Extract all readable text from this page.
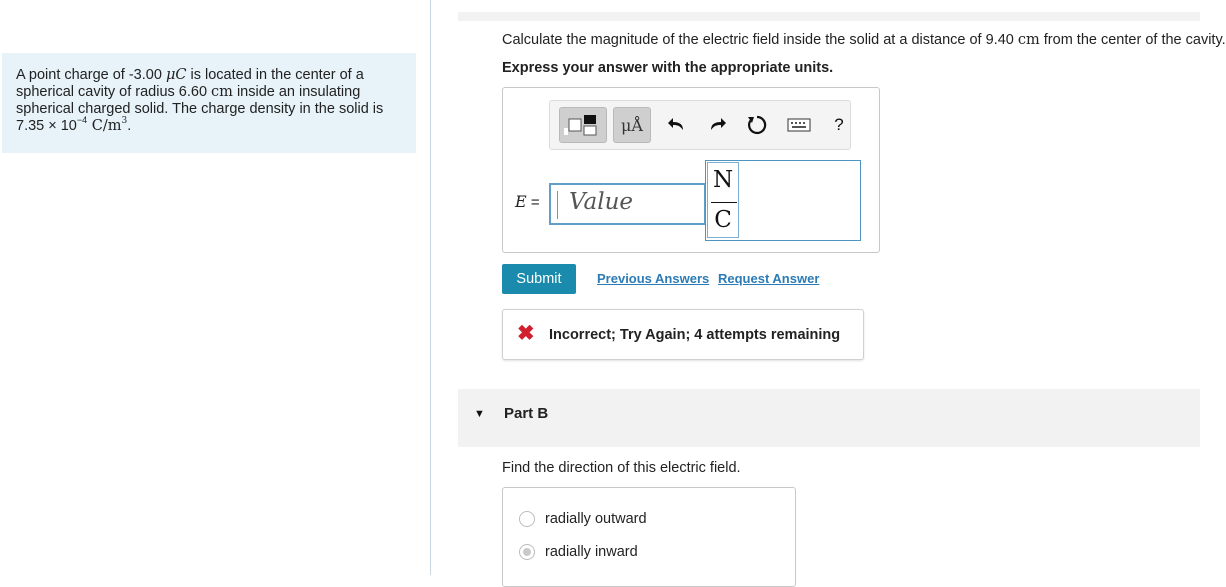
A point charge of -3.00 μC is located in the center of a
spherical cavity of radius 6.60 cm inside an insulating
spherical charged solid. The charge density in the solid is
$7.35 \times 10^{-4}$ $C/m^3$.
Calculate the magnitude of the electric field inside the solid at a distance of 9.40 cm from the center of the cavity.
Express your answer with the appropriate units.
μÅ	?
E =	Value
N
C
Submit	Previous Answers Request Answer
✖ Incorrect; Try Again; 4 attempts remaining
▼ Part B
Find the direction of this electric field.
radially outward
radially inward
